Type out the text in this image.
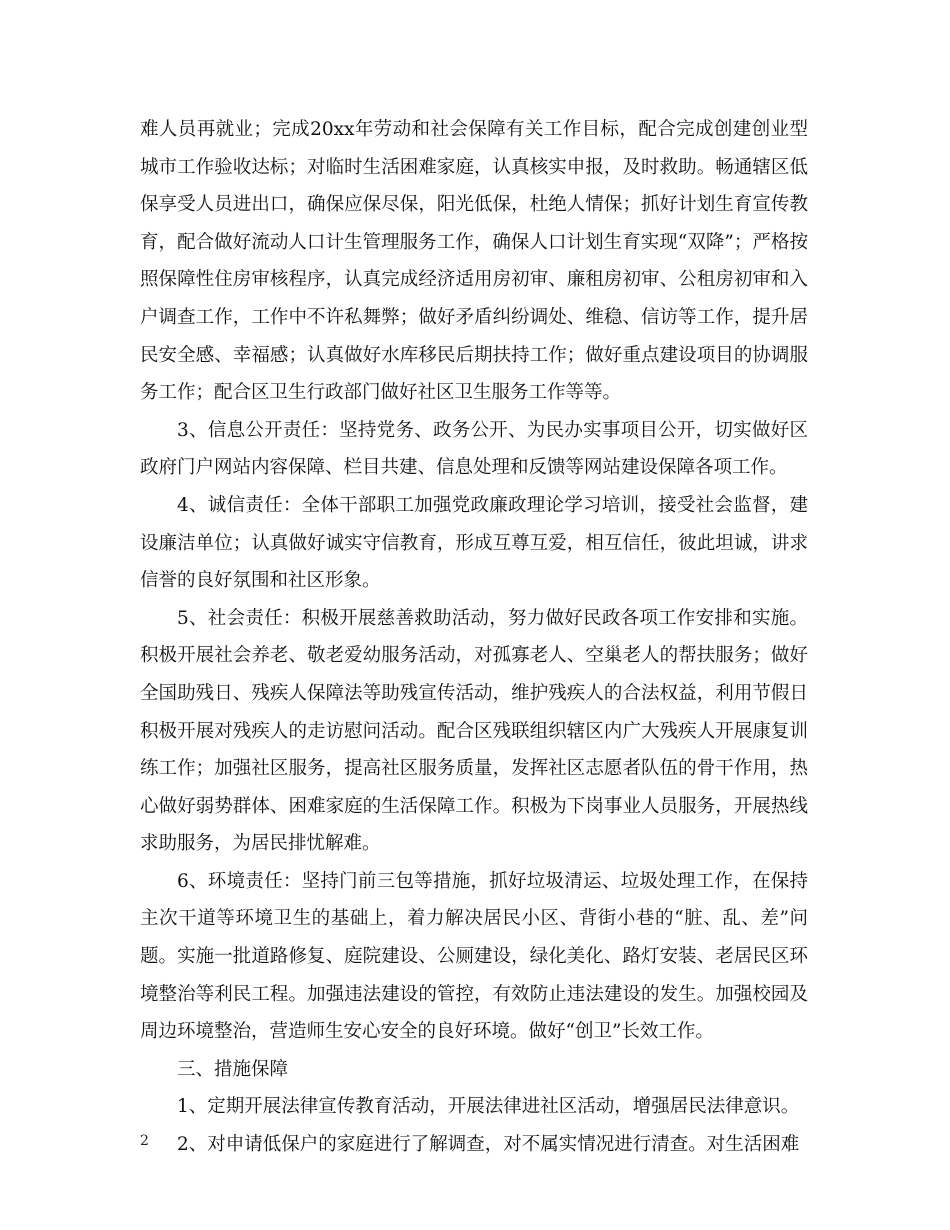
难人员再就业；完成20xx年劳动和社会保障有关工作目标，配合完成创建创业型城市工作验收达标；对临时生活困难家庭，认真核实申报，及时救助。畅通辖区低保享受人员进出口，确保应保尽保，阳光低保，杜绝人情保；抓好计划生育宣传教育，配合做好流动人口计生管理服务工作，确保人口计划生育实现“双降”；严格按照保障性住房审核程序，认真完成经济适用房初审、廉租房初审、公租房初审和入户调查工作，工作中不许私舞弊；做好矛盾纠纷调处、维稳、信访等工作，提升居民安全感、幸福感；认真做好水库移民后期扶持工作；做好重点建设项目的协调服务工作；配合区卫生行政部门做好社区卫生服务工作等等。

3、信息公开责任：坚持党务、政务公开、为民办实事项目公开，切实做好区政府门户网站内容保障、栏目共建、信息处理和反馈等网站建设保障各项工作。

4、诚信责任：全体干部职工加强党政廉政理论学习培训，接受社会监督，建设廉洁单位；认真做好诚实守信教育，形成互尊互爱，相互信任，彼此坦诚，讲求信誉的良好氛围和社区形象。

5、社会责任：积极开展慈善救助活动，努力做好民政各项工作安排和实施。积极开展社会养老、敬老爱幼服务活动，对孤寡老人、空巢老人的帮扶服务；做好全国助残日、残疾人保障法等助残宣传活动，维护残疾人的合法权益，利用节假日积极开展对残疾人的走访慰问活动。配合区残联组织辖区内广大残疾人开展康复训练工作；加强社区服务，提高社区服务质量，发挥社区志愿者队伍的骨干作用，热心做好弱势群体、困难家庭的生活保障工作。积极为下岗事业人员服务，开展热线求助服务，为居民排忧解难。

6、环境责任：坚持门前三包等措施，抓好垃圾清运、垃圾处理工作，在保持主次干道等环境卫生的基础上，着力解决居民小区、背街小巷的“脏、乱、差”问题。实施一批道路修复、庭院建设、公厕建设，绿化美化、路灯安装、老居民区环境整治等利民工程。加强违法建设的管控，有效防止违法建设的发生。加强校园及周边环境整治，营造师生安心安全的良好环境。做好“创卫”长效工作。

三、措施保障

1、定期开展法律宣传教育活动，开展法律进社区活动，增强居民法律意识。

2、对申请低保户的家庭进行了解调查，对不属实情况进行清查。对生活困难

2
